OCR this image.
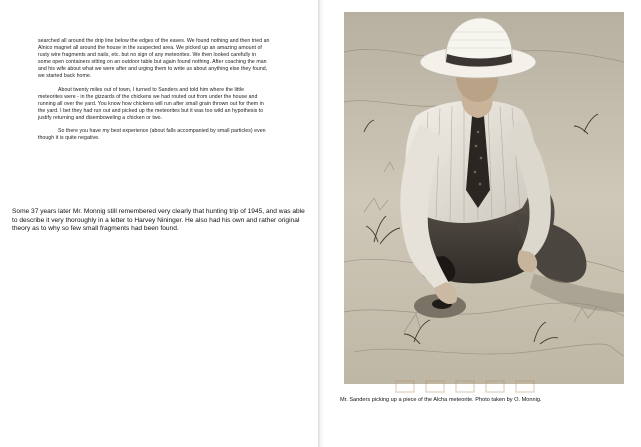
searched all around the drip line below the edges of the eaves. We found nothing and then tried an Alnico magnet all around the house in the suspected area. We picked up an amazing amount of rusty wire fragments and nails, etc. but no sign of any meteorites. We then looked carefully in some open containers sitting on an outdoor table but again found nothing. After coaching the man and his wife about what we were after and urging them to write us about anything else they found, we started back home.

About twenty miles out of town, I turned to Sanders and told him where the little meteorites were - in the gizzards of the chickens we had routed out from under the house and running all over the yard. You know how chickens will run after small grain thrown out for them in the yard. I bet they had run out and picked up the meteorites but it was too wild an hypothesis to justify returning and disemboweling a chicken or two.

So there you have my best experience (about falls accompanied by small particles) even though it is quite negative.

Some 37 years later Mr. Monnig still remembered very clearly that hunting trip of 1945, and was able to describe it very thoroughly in a letter to Harvey Nininger. He also had his own and rather original theory as to why so few small fragments had been found.

Mr. Sanders picking up a piece of the Alcha meteorite. Photo taken by O. Monnig.
